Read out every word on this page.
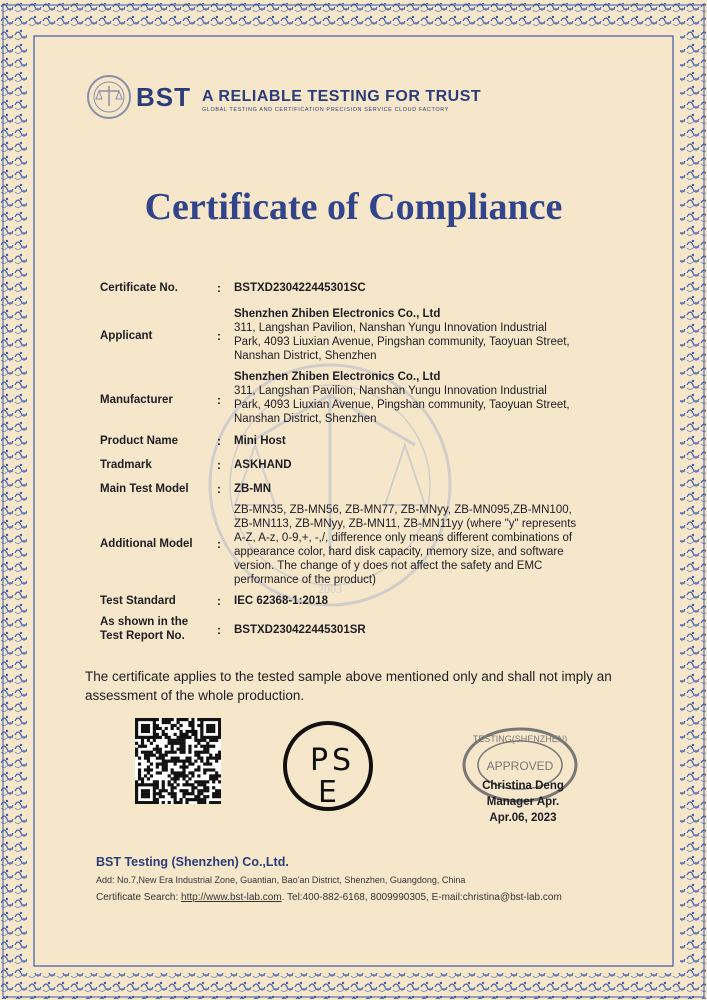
2003
BST A RELIABLE TESTING FOR TRUST
GLOBAL TESTING AND CERTIFICATION PRECISION SERVICE CLOUD FACTORY
Certificate of Compliance
Certificate No.	: BSTXD230422445301SC
Applicant	:
Shenzhen Zhiben Electronics Co., Ltd
311, Langshan Pavilion, Nanshan Yungu Innovation Industrial
Park, 4093 Liuxian Avenue, Pingshan community, Taoyuan Street,
Nanshan District, Shenzhen
Manufacturer	:
Shenzhen Zhiben Electronics Co., Ltd
311, Langshan Pavilion, Nanshan Yungu Innovation Industrial
Park, 4093 Liuxian Avenue, Pingshan community, Taoyuan Street,
Nanshan District, Shenzhen
Product Name	: Mini Host
Tradmark	: ASKHAND
Main Test Model : ZB-MN
Additional Model :
ZB-MN35, ZB-MN56, ZB-MN77, ZB-MNyy, ZB-MN095,ZB-MN100,
ZB-MN113, ZB-MNyy, ZB-MN11, ZB-MN11yy (where "y" represents
A-Z, A-z, 0-9,+, -,/, difference only means different combinations of
appearance color, hard disk capacity, memory size, and software
version. The change of y does not affect the safety and EMC
performance of the product)
Test Standard	: IEC 62368-1:2018
As shown in the
Test Report No.	: BSTXD230422445301SR
The certificate applies to the tested sample above mentioned only and shall not imply an assessment of the whole production.
P S
E
TESTING(SHENZHEN)
APPROVED
Christina Deng
Manager Apr.
Apr.06, 2023
BST Testing (Shenzhen) Co.,Ltd.
Add: No.7,New Era Industrial Zone, Guantian, Bao'an District, Shenzhen, Guangdong, China
Certificate Search: http://www.bst-lab.com. Tel:400-882-6168, 8009990305, E-mail:christina@bst-lab.com
